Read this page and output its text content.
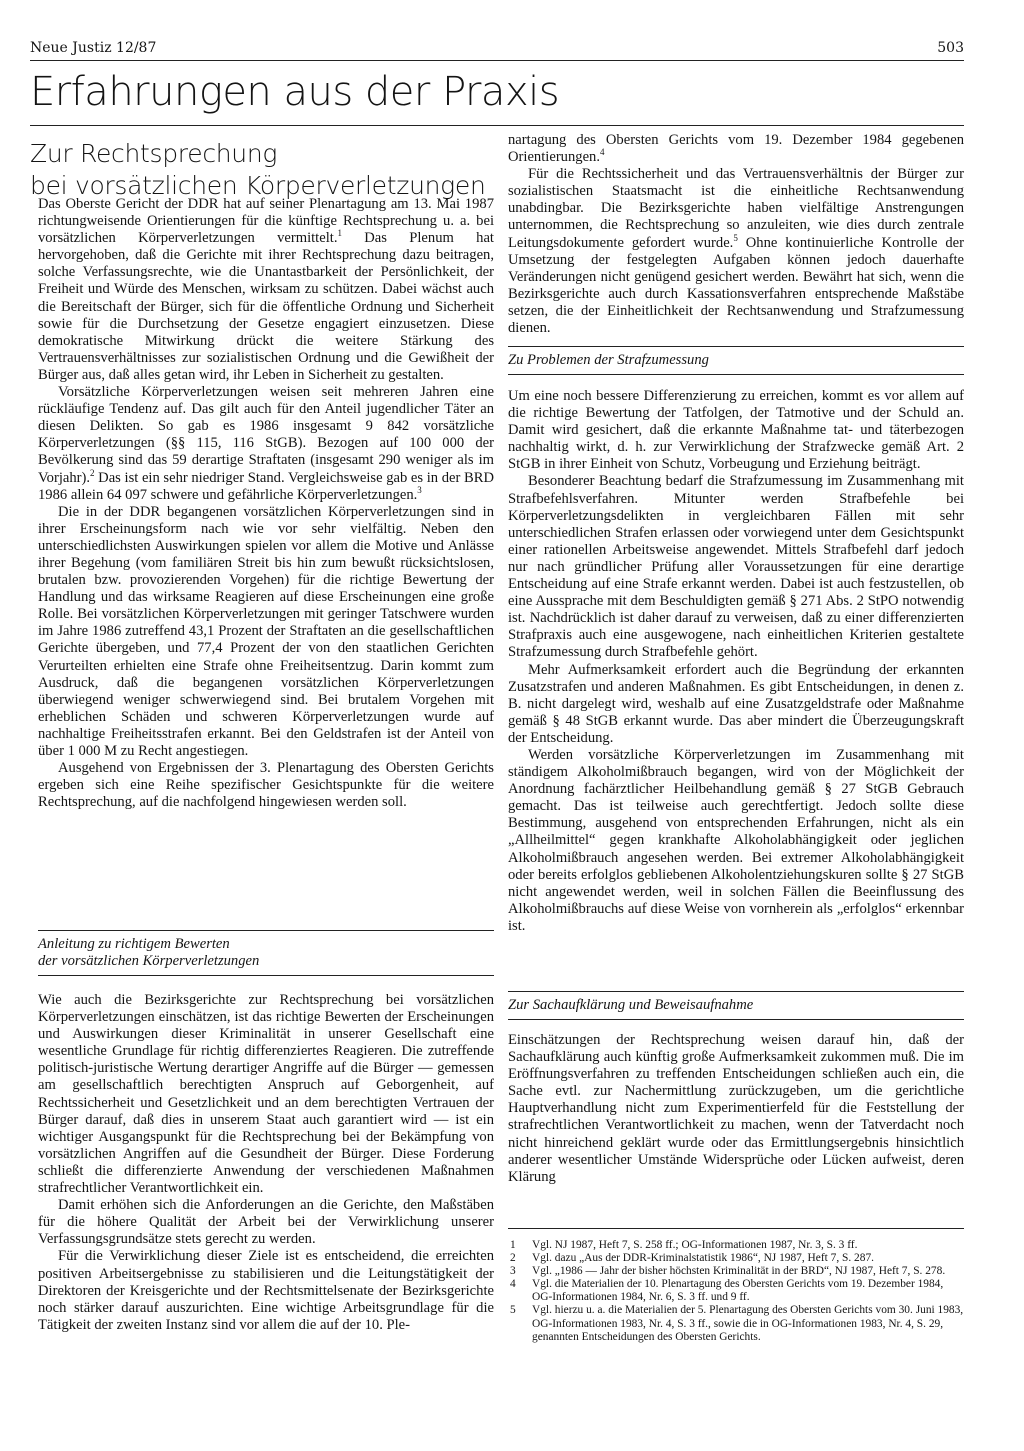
Neue Justiz 12/87	503
Erfahrungen aus der Praxis
Zur Rechtsprechung
bei vorsätzlichen Körperverletzungen

Das Oberste Gericht der DDR hat auf seiner Plenartagung am 13. Mai 1987 richtungweisende Orientierungen für die künftige Rechtsprechung u. a. bei vorsätzlichen Körperverletzungen vermittelt.$^1$ Das Plenum hat hervorgehoben, daß die Gerichte mit ihrer Rechtsprechung dazu beitragen, solche Verfassungsrechte, wie die Unantastbarkeit der Persönlichkeit, der Freiheit und Würde des Menschen, wirksam zu schützen. Dabei wächst auch die Bereitschaft der Bürger, sich für die öffentliche Ordnung und Sicherheit sowie für die Durchsetzung der Gesetze engagiert einzusetzen. Diese demokratische Mitwirkung drückt die weitere Stärkung des Vertrauensverhältnisses zur sozialistischen Ordnung und die Gewißheit der Bürger aus, daß alles getan wird, ihr Leben in Sicherheit zu gestalten.

Vorsätzliche Körperverletzungen weisen seit mehreren Jahren eine rückläufige Tendenz auf. Das gilt auch für den Anteil jugendlicher Täter an diesen Delikten. So gab es 1986 insgesamt 9 842 vorsätzliche Körperverletzungen (§§ 115, 116 StGB). Bezogen auf 100 000 der Bevölkerung sind das 59 derartige Straftaten (insgesamt 290 weniger als im Vorjahr).$^2$ Das ist ein sehr niedriger Stand. Vergleichsweise gab es in der BRD 1986 allein 64 097 schwere und gefährliche Körperverletzungen.$^3$

Die in der DDR begangenen vorsätzlichen Körperverletzungen sind in ihrer Erscheinungsform nach wie vor sehr vielfältig. Neben den unterschiedlichsten Auswirkungen spielen vor allem die Motive und Anlässe ihrer Begehung (vom familiären Streit bis hin zum bewußt rücksichtslosen, brutalen bzw. provozierenden Vorgehen) für die richtige Bewertung der Handlung und das wirksame Reagieren auf diese Erscheinungen eine große Rolle. Bei vorsätzlichen Körperverletzungen mit geringer Tatschwere wurden im Jahre 1986 zutreffend 43,1 Prozent der Straftaten an die gesellschaftlichen Gerichte übergeben, und 77,4 Prozent der von den staatlichen Gerichten Verurteilten erhielten eine Strafe ohne Freiheitsentzug. Darin kommt zum Ausdruck, daß die begangenen vorsätzlichen Körperverletzungen überwiegend weniger schwerwiegend sind. Bei brutalem Vorgehen mit erheblichen Schäden und schweren Körperverletzungen wurde auf nachhaltige Freiheitsstrafen erkannt. Bei den Geldstrafen ist der Anteil von über 1 000 M zu Recht angestiegen.

Ausgehend von Ergebnissen der 3. Plenartagung des Obersten Gerichts ergeben sich eine Reihe spezifischer Gesichtspunkte für die weitere Rechtsprechung, auf die nachfolgend hingewiesen werden soll.

Anleitung zu richtigem Bewerten
der vorsätzlichen Körperverletzungen

Wie auch die Bezirksgerichte zur Rechtsprechung bei vorsätzlichen Körperverletzungen einschätzen, ist das richtige Bewerten der Erscheinungen und Auswirkungen dieser Kriminalität in unserer Gesellschaft eine wesentliche Grundlage für richtig differenziertes Reagieren. Die zutreffende politisch-juristische Wertung derartiger Angriffe auf die Bürger — gemessen am gesellschaftlich berechtigten Anspruch auf Geborgenheit, auf Rechtssicherheit und Gesetzlichkeit und an dem berechtigten Vertrauen der Bürger darauf, daß dies in unserem Staat auch garantiert wird — ist ein wichtiger Ausgangspunkt für die Rechtsprechung bei der Bekämpfung von vorsätzlichen Angriffen auf die Gesundheit der Bürger. Diese Forderung schließt die differenzierte Anwendung der verschiedenen Maßnahmen strafrechtlicher Verantwortlichkeit ein.

Damit erhöhen sich die Anforderungen an die Gerichte, den Maßstäben für die höhere Qualität der Arbeit bei der Verwirklichung unserer Verfassungsgrundsätze stets gerecht zu werden.

Für die Verwirklichung dieser Ziele ist es entscheidend, die erreichten positiven Arbeitsergebnisse zu stabilisieren und die Leitungstätigkeit der Direktoren der Kreisgerichte und der Rechtsmittelsenate der Bezirksgerichte noch stärker darauf auszurichten. Eine wichtige Arbeitsgrundlage für die Tätigkeit der zweiten Instanz sind vor allem die auf der 10. Ple-

nartagung des Obersten Gerichts vom 19. Dezember 1984 gegebenen Orientierungen.$^4$

Für die Rechtssicherheit und das Vertrauensverhältnis der Bürger zur sozialistischen Staatsmacht ist die einheitliche Rechtsanwendung unabdingbar. Die Bezirksgerichte haben vielfältige Anstrengungen unternommen, die Rechtsprechung so anzuleiten, wie dies durch zentrale Leitungsdokumente gefordert wurde.$^5$ Ohne kontinuierliche Kontrolle der Umsetzung der festgelegten Aufgaben können jedoch dauerhafte Veränderungen nicht genügend gesichert werden. Bewährt hat sich, wenn die Bezirksgerichte auch durch Kassationsverfahren entsprechende Maßstäbe setzen, die der Einheitlichkeit der Rechtsanwendung und Strafzumessung dienen.

Zu Problemen der Strafzumessung

Um eine noch bessere Differenzierung zu erreichen, kommt es vor allem auf die richtige Bewertung der Tatfolgen, der Tatmotive und der Schuld an. Damit wird gesichert, daß die erkannte Maßnahme tat- und täterbezogen nachhaltig wirkt, d. h. zur Verwirklichung der Strafzwecke gemäß Art. 2 StGB in ihrer Einheit von Schutz, Vorbeugung und Erziehung beiträgt.

Besonderer Beachtung bedarf die Strafzumessung im Zusammenhang mit Strafbefehlsverfahren. Mitunter werden Strafbefehle bei Körperverletzungsdelikten in vergleichbaren Fällen mit sehr unterschiedlichen Strafen erlassen oder vorwiegend unter dem Gesichtspunkt einer rationellen Arbeitsweise angewendet. Mittels Strafbefehl darf jedoch nur nach gründlicher Prüfung aller Voraussetzungen für eine derartige Entscheidung auf eine Strafe erkannt werden. Dabei ist auch festzustellen, ob eine Aussprache mit dem Beschuldigten gemäß § 271 Abs. 2 StPO notwendig ist. Nachdrücklich ist daher darauf zu verweisen, daß zu einer differenzierten Strafpraxis auch eine ausgewogene, nach einheitlichen Kriterien gestaltete Strafzumessung durch Strafbefehle gehört.

Mehr Aufmerksamkeit erfordert auch die Begründung der erkannten Zusatzstrafen und anderen Maßnahmen. Es gibt Entscheidungen, in denen z. B. nicht dargelegt wird, weshalb auf eine Zusatzgeldstrafe oder Maßnahme gemäß § 48 StGB erkannt wurde. Das aber mindert die Überzeugungskraft der Entscheidung.

Werden vorsätzliche Körperverletzungen im Zusammenhang mit ständigem Alkoholmißbrauch begangen, wird von der Möglichkeit der Anordnung fachärztlicher Heilbehandlung gemäß § 27 StGB Gebrauch gemacht. Das ist teilweise auch gerechtfertigt. Jedoch sollte diese Bestimmung, ausgehend von entsprechenden Erfahrungen, nicht als ein „Allheilmittel“ gegen krankhafte Alkoholabhängigkeit oder jeglichen Alkoholmißbrauch angesehen werden. Bei extremer Alkoholabhängigkeit oder bereits erfolglos gebliebenen Alkoholentziehungskuren sollte § 27 StGB nicht angewendet werden, weil in solchen Fällen die Beeinflussung des Alkoholmißbrauchs auf diese Weise von vornherein als „erfolglos“ erkennbar ist.

Zur Sachaufklärung und Beweisaufnahme

Einschätzungen der Rechtsprechung weisen darauf hin, daß der Sachaufklärung auch künftig große Aufmerksamkeit zukommen muß. Die im Eröffnungsverfahren zu treffenden Entscheidungen schließen auch ein, die Sache evtl. zur Nachermittlung zurückzugeben, um die gerichtliche Hauptverhandlung nicht zum Experimentierfeld für die Feststellung der strafrechtlichen Verantwortlichkeit zu machen, wenn der Tatverdacht noch nicht hinreichend geklärt wurde oder das Ermittlungsergebnis hinsichtlich anderer wesentlicher Umstände Widersprüche oder Lücken aufweist, deren Klärung

1 Vgl. NJ 1987, Heft 7, S. 258 ff.; OG-Informationen 1987, Nr. 3, S. 3 ff.
2 Vgl. dazu „Aus der DDR-Kriminalstatistik 1986“, NJ 1987, Heft 7, S. 287.
3 Vgl. „1986 — Jahr der bisher höchsten Kriminalität in der BRD“, NJ 1987, Heft 7, S. 278.
4 Vgl. die Materialien der 10. Plenartagung des Obersten Gerichts vom 19. Dezember 1984, OG-Informationen 1984, Nr. 6, S. 3 ff. und 9 ff.
5 Vgl. hierzu u. a. die Materialien der 5. Plenartagung des Obersten Gerichts vom 30. Juni 1983, OG-Informationen 1983, Nr. 4, S. 3 ff., sowie die in OG-Informationen 1983, Nr. 4, S. 29, genannten Entscheidungen des Obersten Gerichts.
